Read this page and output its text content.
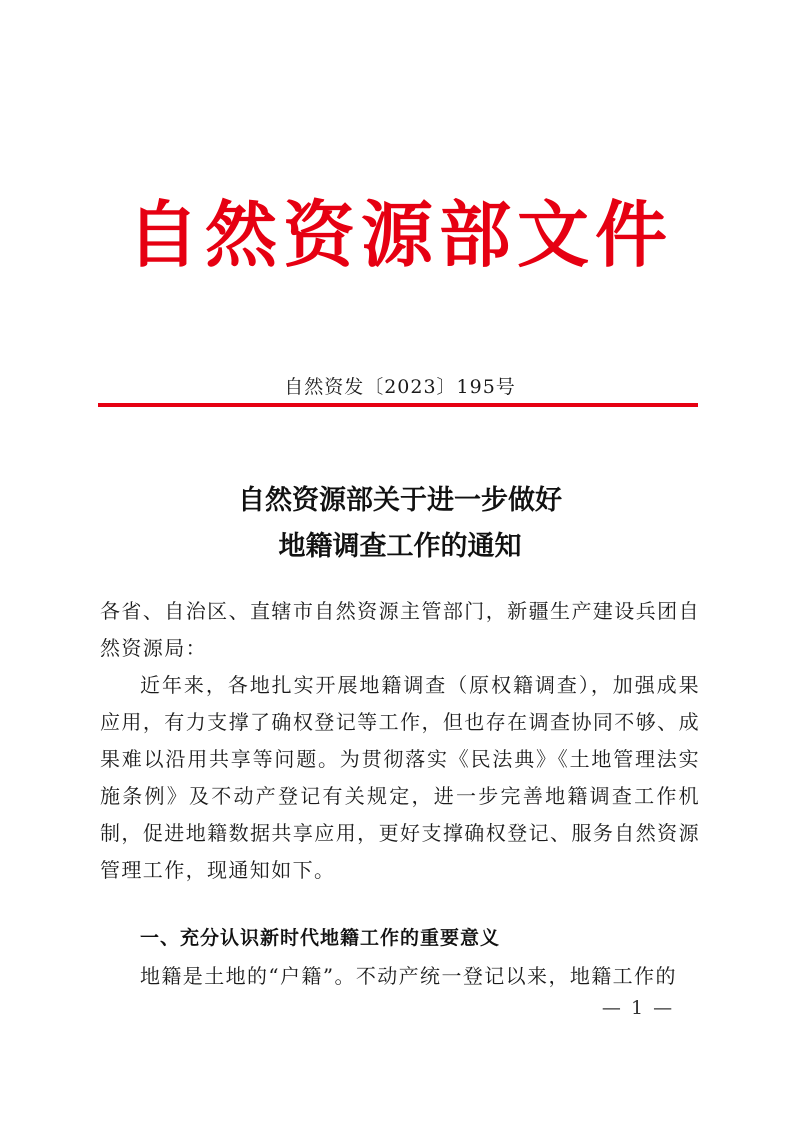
自然资源部文件
自然资发〔2023〕195号
自然资源部关于进一步做好
地籍调查工作的通知
各省、自治区、直辖市自然资源主管部门，新疆生产建设兵团自然资源局：
近年来，各地扎实开展地籍调查（原权籍调查），加强成果应用，有力支撑了确权登记等工作，但也存在调查协同不够、成果难以沿用共享等问题。为贯彻落实《民法典》《土地管理法实施条例》及不动产登记有关规定，进一步完善地籍调查工作机制，促进地籍数据共享应用，更好支撑确权登记、服务自然资源管理工作，现通知如下。
一、充分认识新时代地籍工作的重要意义
地籍是土地的“户籍”。不动产统一登记以来，地籍工作的
— 1 —
